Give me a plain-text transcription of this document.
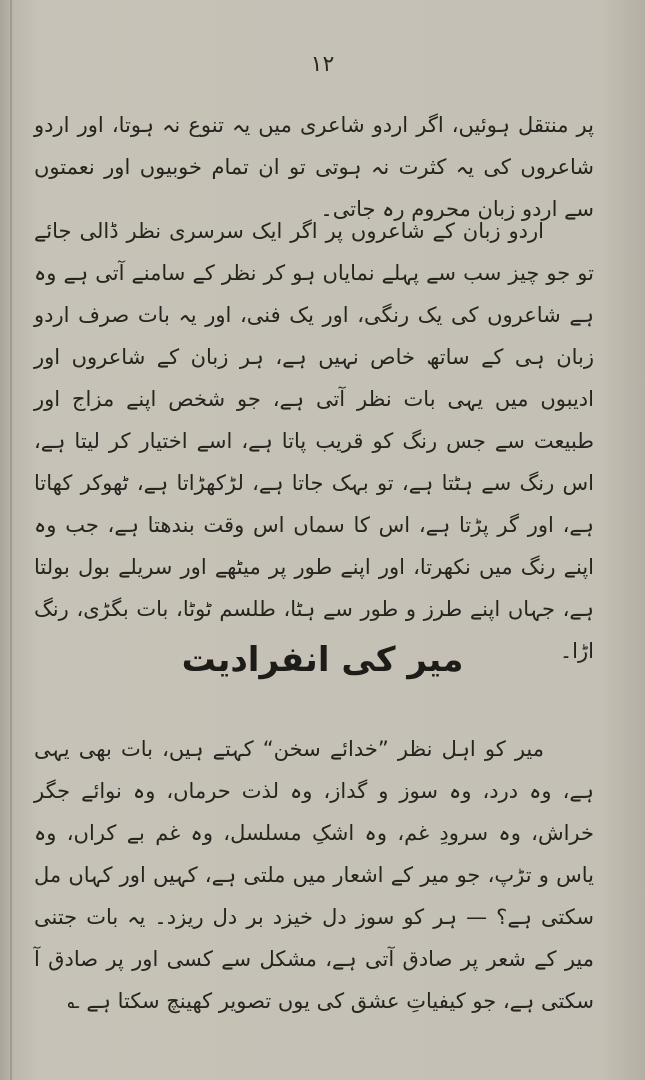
۱۲

پر منتقل ہوئیں، اگر اردو شاعری میں یہ تنوع نہ ہوتا، اور اردو شاعروں کی یہ کثرت نہ ہوتی تو ان تمام خوبیوں اور نعمتوں سے اردو زبان محروم رہ جاتی۔

اردو زبان کے شاعروں پر اگر ایک سرسری نظر ڈالی جائے تو جو چیز سب سے پہلے نمایاں ہو کر نظر کے سامنے آتی ہے وہ ہے شاعروں کی یک رنگی، اور یک فنی، اور یہ بات صرف اردو زبان ہی کے ساتھ خاص نہیں ہے، ہر زبان کے شاعروں اور ادیبوں میں یہی بات نظر آتی ہے، جو شخص اپنے مزاج اور طبیعت سے جس رنگ کو قریب پاتا ہے، اسے اختیار کر لیتا ہے، اس رنگ سے ہٹتا ہے، تو بہک جاتا ہے، لڑکھڑاتا ہے، ٹھوکر کھاتا ہے، اور گر پڑتا ہے، اس کا سماں اس وقت بندھتا ہے، جب وہ اپنے رنگ میں نکھرتا، اور اپنے طور پر میٹھے اور سریلے بول بولتا ہے، جہاں اپنے طرز و طور سے ہٹا، طلسم ٹوٹا، بات بگڑی، رنگ اڑا۔

میر کی انفرادیت

میر کو اہل نظر ”خدائے سخن“ کہتے ہیں، بات بھی یہی ہے، وہ درد، وہ سوز و گداز، وہ لذت حرماں، وہ نوائے جگر خراش، وہ سرودِ غم، وہ اشکِ مسلسل، وہ غم بے کراں، وہ یاس و تڑپ، جو میر کے اشعار میں ملتی ہے، کہیں اور کہاں مل سکتی ہے؟ — ہر کو سوز دل خیزد بر دل ریزد۔ یہ بات جتنی میر کے شعر پر صادق آتی ہے، مشکل سے کسی اور پر صادق آ سکتی ہے، جو کیفیاتِ عشق کی یوں تصویر کھینچ سکتا ہے ؎
